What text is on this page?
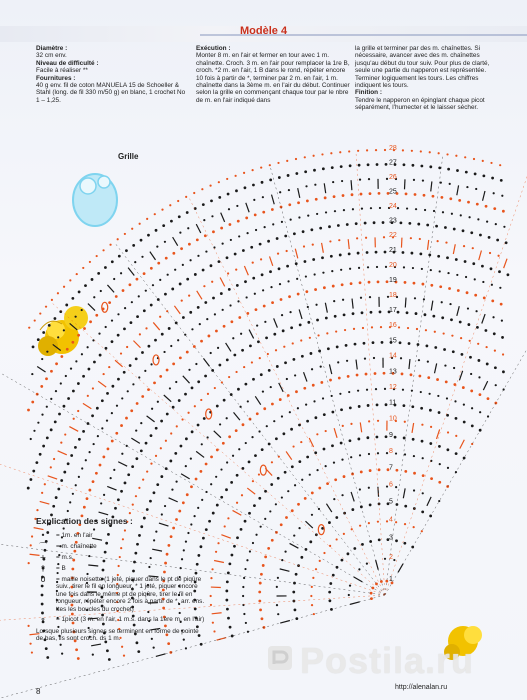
Modèle 4
Diamètre :
32 cm env.
Niveau de difficulté :
Facile à réaliser **
Fournitures :
40 g env. fil de coton MANUELA 15 de Schoeller & Stahl (long. de fil 330 m/50 g) en blanc, 1 crochet No 1 – 1,25.
Exécution :
Monter 8 m. en l'air et fermer en tour avec 1 m. chaînette. Croch. 3 m. en l'air pour remplacer la 1re B, croch. *2 m. en l'air, 1 B dans le rond, répéter encore 10 fois à partir de *, terminer par 2 m. en l'air, 1 m. chaînette dans la 3ème m. en l'air du début. Continuer selon la grille en commençant chaque tour par le nbre de m. en l'air indiqué dans
la grille et terminer par des m. chaînettes. Si nécessaire, avancer avec des m. chaînettes jusqu'au début du tour suiv. Pour plus de clarté, seule une partie du napperon est représentée. Terminer logiquement les tours. Les chiffres indiquent les tours.
Finition :
Tendre le napperon en épinglant chaque picot séparément, l'humecter et le laisser sécher.
Grille
1
2
3
4
5
6
7
8
9
10
11
12
13
14
15
16
17
18
19
20
21
22
23
24
25
26
27
28
Explication des signes :
•	= 1m. en l'air
⌒	= m. chaînette
+	= m.s.
†	= B
0	= maille noisette (1 jeté, piquer dans le pt de piqûre suiv., tirer le fil en longueur, * 1 jeté, piquer encore une fois dans le même pt de piqûre, tirer le fil en longueur, répéter encore 2 fois à partir de *, arr. ens. ttes les boucles du crochet)
⚬	= 1picot (3 m. en l'air, 1 m.s. dans la 1ère m. en l'air)
Lorsque plusieurs signes se terminent en forme de pointe de bas, ils sont croch. ds 1 m.
Postila.ru
http://alenalan.ru
8
